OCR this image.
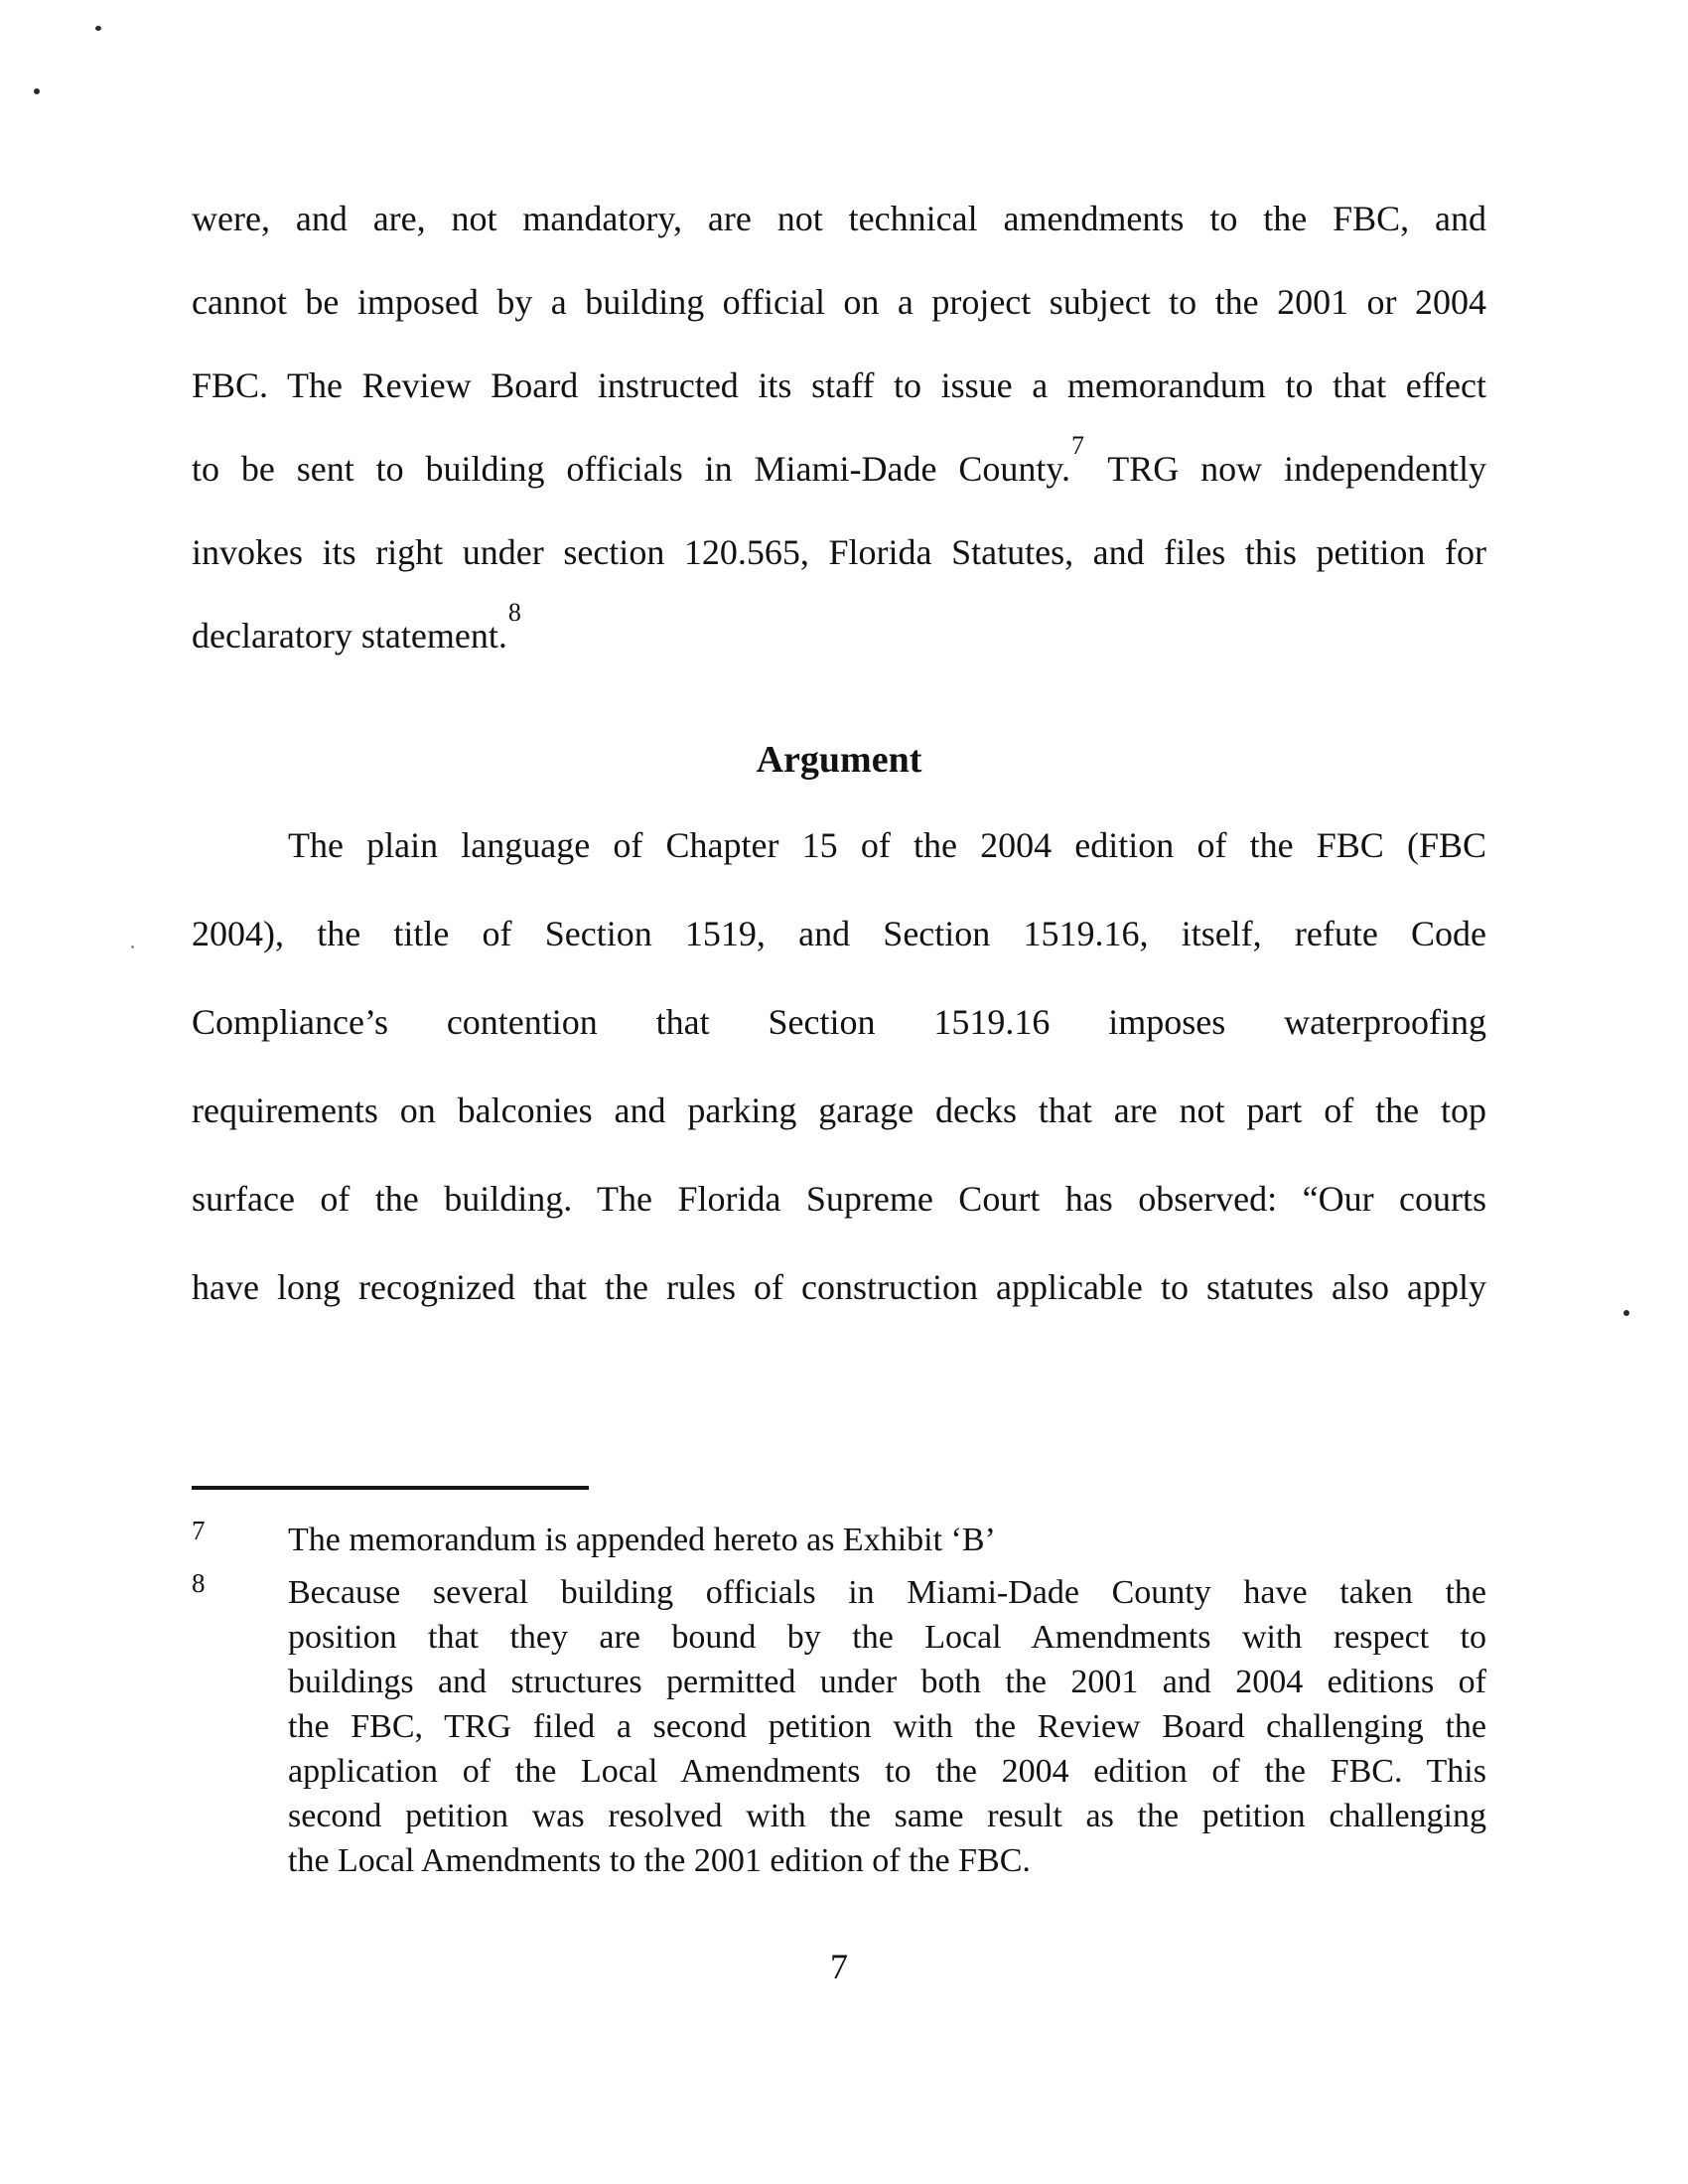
were, and are, not mandatory, are not technical amendments to the FBC, and
cannot be imposed by a building official on a project subject to the 2001 or 2004
FBC. The Review Board instructed its staff to issue a memorandum to that effect
to be sent to building officials in Miami-Dade County.$^7$ TRG now independently
invokes its right under section 120.565, Florida Statutes, and files this petition for
declaratory statement.$^8$
Argument
The plain language of Chapter 15 of the 2004 edition of the FBC (FBC
2004), the title of Section 1519, and Section 1519.16, itself, refute Code
Compliance’s contention that Section 1519.16 imposes waterproofing
requirements on balconies and parking garage decks that are not part of the top
surface of the building. The Florida Supreme Court has observed: “Our courts
have long recognized that the rules of construction applicable to statutes also apply
7 The memorandum is appended hereto as Exhibit ‘B’
8 Because several building officials in Miami-Dade County have taken the
position that they are bound by the Local Amendments with respect to
buildings and structures permitted under both the 2001 and 2004 editions of
the FBC, TRG filed a second petition with the Review Board challenging the
application of the Local Amendments to the 2004 edition of the FBC. This
second petition was resolved with the same result as the petition challenging
the Local Amendments to the 2001 edition of the FBC.
7
